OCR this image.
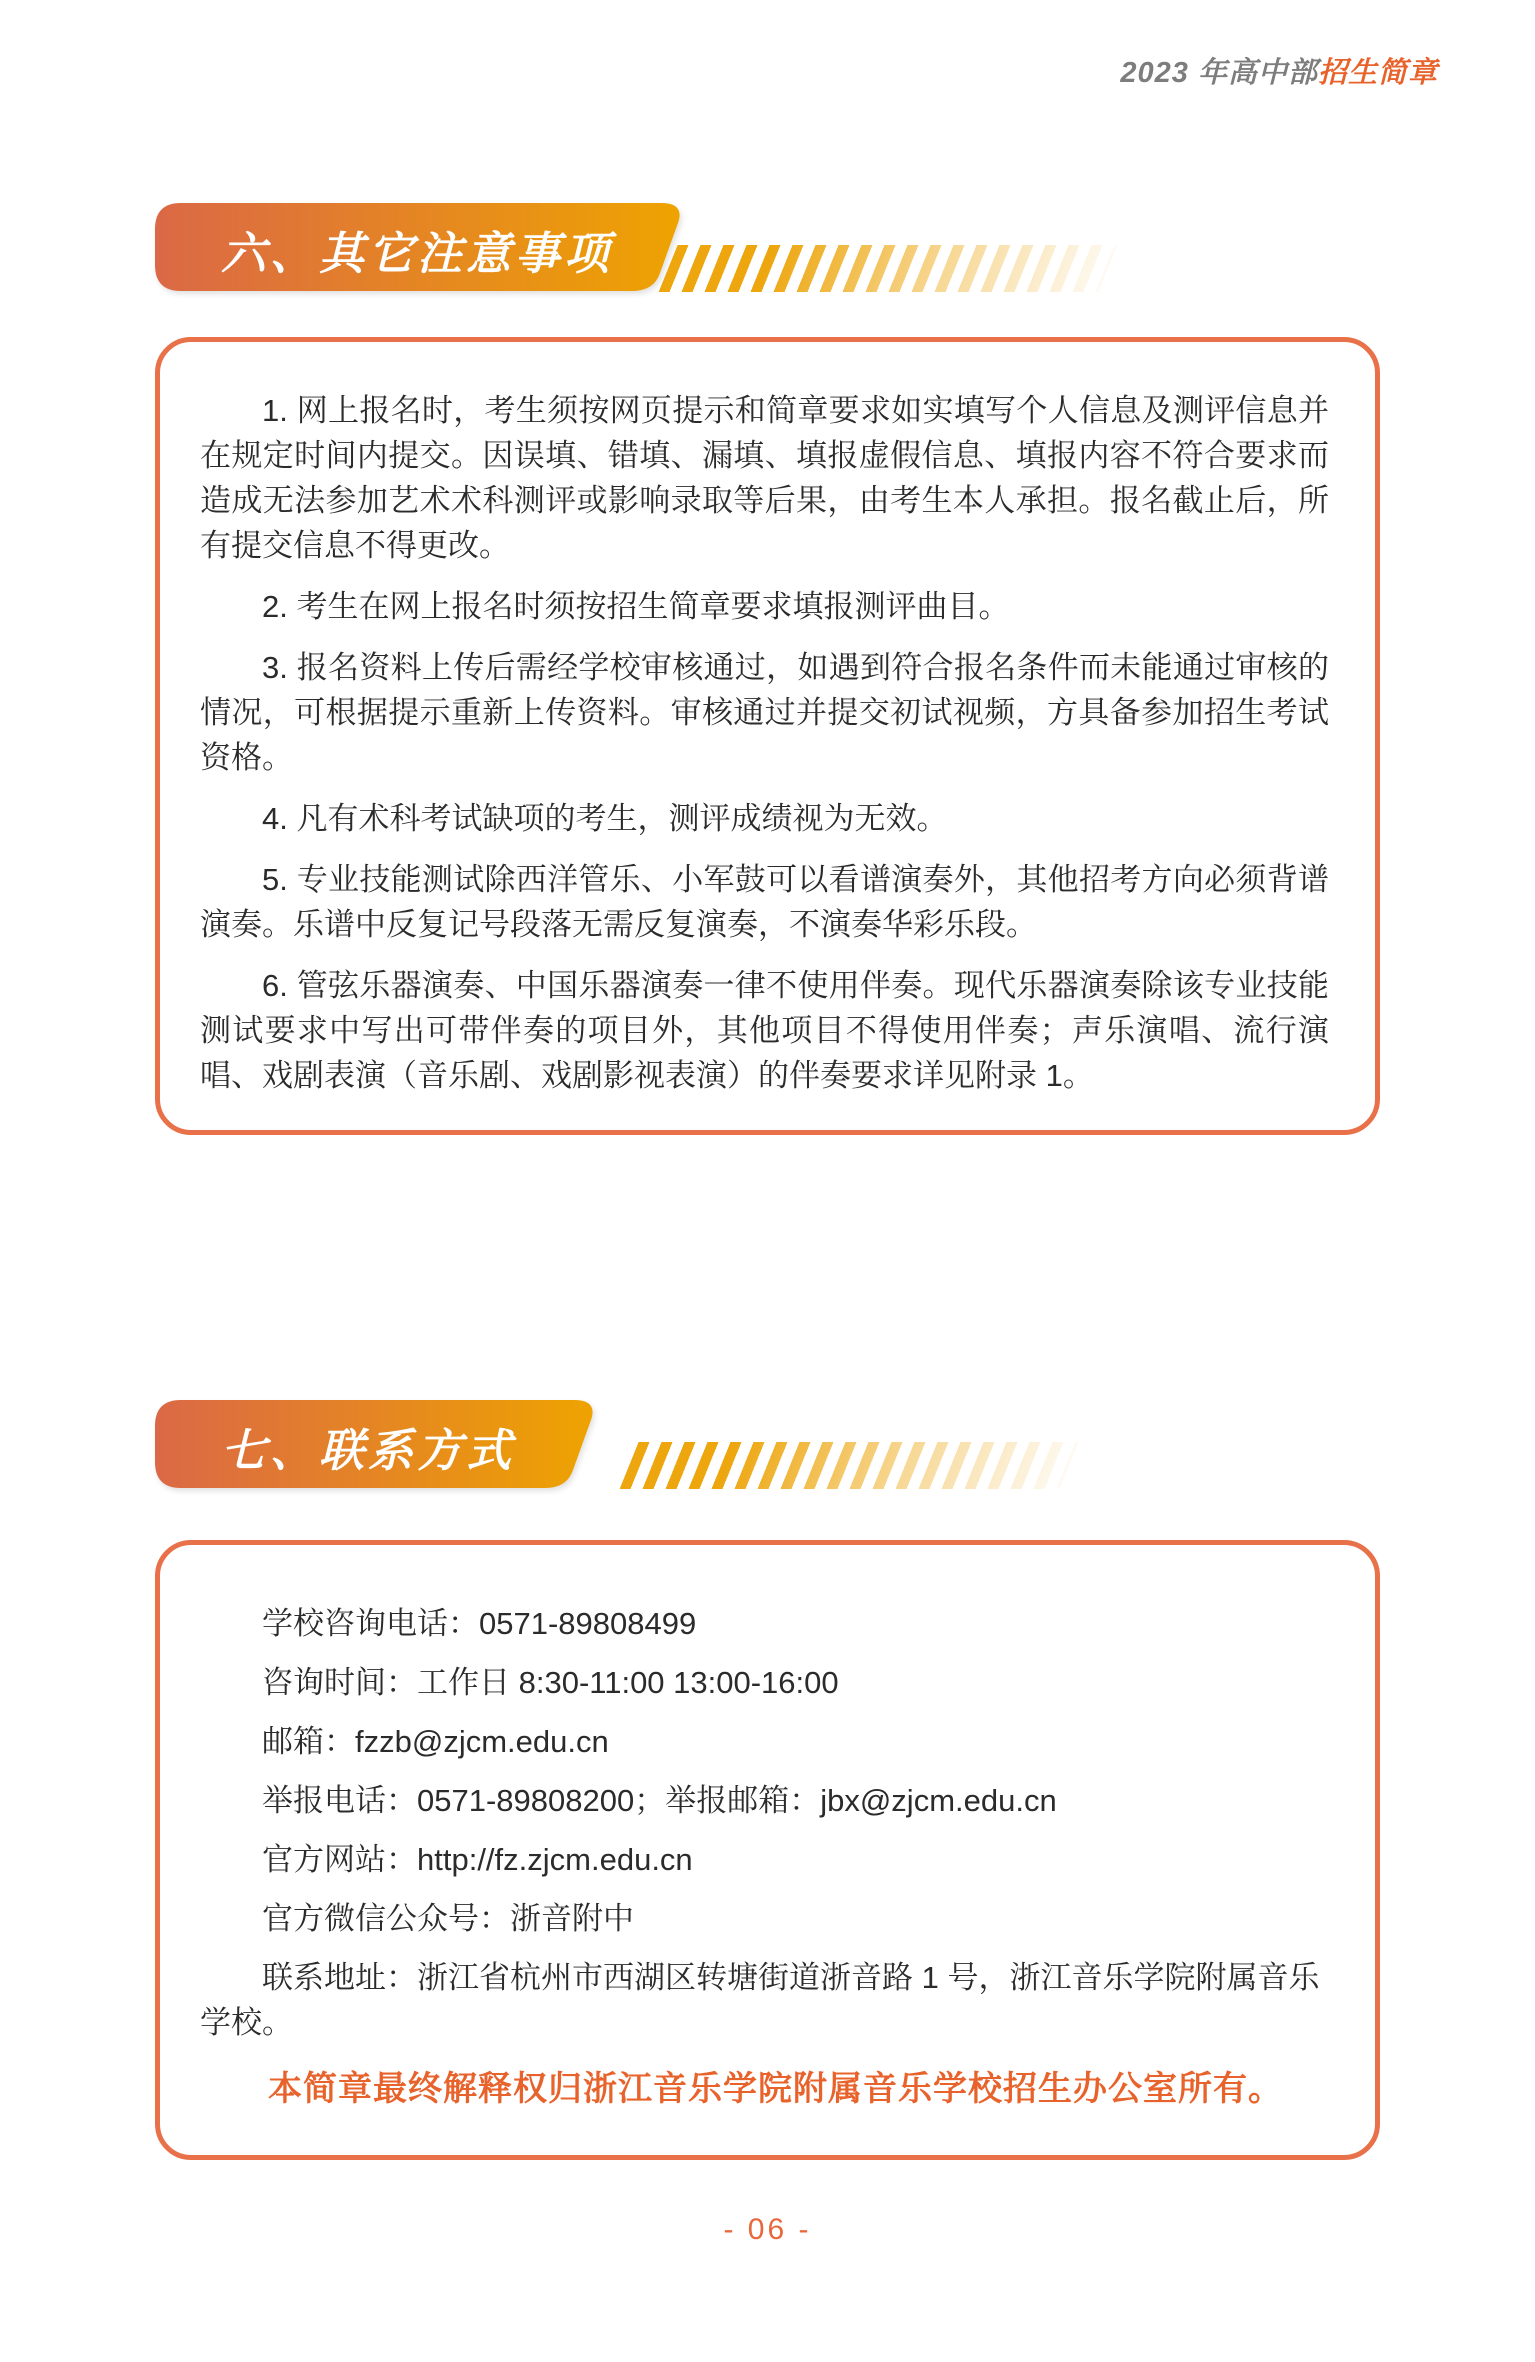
2023 年高中部招生简章
六、其它注意事项

1. 网上报名时，考生须按网页提示和简章要求如实填写个人信息及测评信息并在规定时间内提交。因误填、错填、漏填、填报虚假信息、填报内容不符合要求而造成无法参加艺术术科测评或影响录取等后果，由考生本人承担。报名截止后，所有提交信息不得更改。

2. 考生在网上报名时须按招生简章要求填报测评曲目。

3. 报名资料上传后需经学校审核通过，如遇到符合报名条件而未能通过审核的情况，可根据提示重新上传资料。审核通过并提交初试视频，方具备参加招生考试资格。

4. 凡有术科考试缺项的考生，测评成绩视为无效。

5. 专业技能测试除西洋管乐、小军鼓可以看谱演奏外，其他招考方向必须背谱演奏。乐谱中反复记号段落无需反复演奏，不演奏华彩乐段。

6. 管弦乐器演奏、中国乐器演奏一律不使用伴奏。现代乐器演奏除该专业技能测试要求中写出可带伴奏的项目外，其他项目不得使用伴奏；声乐演唱、流行演唱、戏剧表演（音乐剧、戏剧影视表演）的伴奏要求详见附录 1。

七、联系方式

学校咨询电话：0571-89808499

咨询时间：工作日 8:30-11:00 13:00-16:00

邮箱：fzzb@zjcm.edu.cn

举报电话：0571-89808200；举报邮箱：jbx@zjcm.edu.cn

官方网站：http://fz.zjcm.edu.cn

官方微信公众号：浙音附中

联系地址：浙江省杭州市西湖区转塘街道浙音路 1 号，浙江音乐学院附属音乐学校。

本简章最终解释权归浙江音乐学院附属音乐学校招生办公室所有。

- 06 -
